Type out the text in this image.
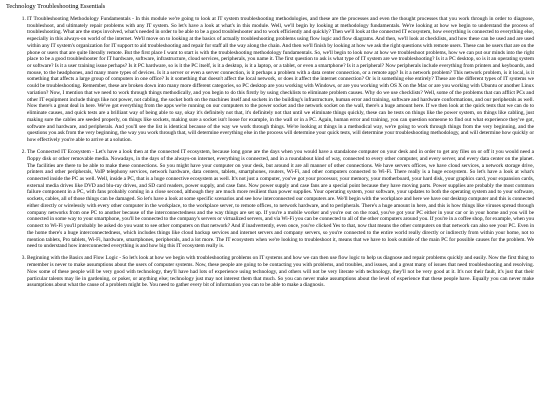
Technology Troubleshooting Essentials
1. IT Troubleshooting Methodology Fundamentals - In this module we're going to look at IT system troubleshooting methodologies, and these are the processes and even the thought processes that you work through in order to diagnose, troubleshoot, and ultimately repair problems with any IT system. So let's have a look at what's in this module. Well, we'll begin by looking at methodology fundamentals. We're looking at how we begin to understand the process of troubleshooting. What are the steps involved, what's needed in order to be able to be a good troubleshooter and to work efficiently and quickly? Then we'll look at the connected IT ecosystem, how everything is connected to everything else, especially in this always-on world of the internet. We'll move on to looking at the basics of actually troubleshooting problems using flow logic and flow diagrams. And then, we'll look at checklists, and how these can be used and are used within any IT system's organization for IT support to aid troubleshooting and repair for staff all the way along the chain. And then we'll finish by looking at how we ask the right questions with remote users. These can be users that are on the phone or users that are quite literally remote. But the first place I want to start is with the troubleshooting methodology fundamentals. So, we'll begin to look now at how we troubleshoot problems, how we can put our minds into the right place to be a good troubleshooter for IT hardware, software, infrastructure, cloud services, peripherals, you name it. The first question to ask is what type of IT system are we troubleshooting? Is it a PC desktop, so is it an operating system or software? Is it a user training issue perhaps? Is it PC hardware, so is it the PC itself, is it a desktop, is it a laptop, or a tablet, or even a smartphone? Is it a peripheral? Now peripherals include everything from printers and keyboards, and mouse, to the headphones, and many more types of devices. Is it a server or even a server connection, is it perhaps a problem with a data center connection, or a remote app? Is it a network problem? This network problem, is it local, is it something that affects a large group of computers in one office? Is it something that doesn't affect the local network, or does it affect the internet connection? Or is it something else entirely? These are the different types of IT systems we could be troubleshooting. Remember, these are broken down into many more different categories, so PC desktop are you working with Windows, or are you working with OS X on the Mac or are you working with Ubuntu or another Linux variation? Now, I mention that we need to work through things methodically, and you begin to do this firstly by using checklists to eliminate problem causes. Why do we use checklists? Well, some of the problems that can afflict PCs and other IT equipment include things like not power, not cabling, the socket both on the machines itself and sockets in the building's infrastructure, human error and training, software and hardware conformations, and our peripherals as well. Now there's a great deal in here. We've got everything from the apps we're running on our computers to the power socket and the network socket on the wall, there's a huge amount here. If we then look at the quick tests that we can do to eliminate causes, and quick tests are a brilliant way of being able to say, okay it's definitely not that, it's definitely not that until we eliminate things quickly, these can be tests on things like the power system, on things like cabling, just making sure the cables are seeded properly, on things like sockets, making sure a socket isn't loose for example, in the wall or in a PC. Again, human error and training, you can question someone to find out what experience they've got, software and hardware, and peripherals. And you'll see the list is identical because of the way we work through things. We're looking at things in a methodical way, we're going to work through things from the very beginning, and the questions you ask from the very beginning, the way you work through that, will determine everything else in the process will determine your quick tests, will determine your troubleshooting methodology, and will determine how quickly or how effectively you're able to arrive at a solution.
2. The Connected IT Ecosystem - Let's have a look then at the connected IT ecosystem, because long gone are the days when you would have a standalone computer on your desk and in order to get any files on or off it you would need a floppy disk or other removable media. Nowadays, in the days of the always-on internet, everything is connected, and in a roundabout kind of way, connected to every other computer, and every server, and every data center on the planet. The facilities are there to be able to make these connections. So you might have your computer on your desk, but around it are all manner of other connections. We have servers offices, we have cloud services, a network storage drive, printers and other peripherals, VoIP telephony services, network hardware, data centers, tablets, smartphones, routers, Wi-Fi, and other computers connected to Wi-Fi. There really is a huge ecosystem. So let's have a look at what's connected inside the PC as well. Well, inside a PC, that is a huge connective ecosystem as well. It's not just a computer, you've got your processor, your memory, your motherboard, your hard disk, your graphics card, your expansion cards, external media drives like DVD and blu-ray drives, and SD card readers, power supply, and case fans. Now power supply and case fans are a special point because they have moving parts. Power supplies are probably the most common failure component in a PC, with fans probably coming in a close second, although they are much more resilient than power supplies. Your operating system, your software, your updates to both the operating system and to your software, sockets, cables, all of those things can be damaged. So let's have a look at some specific scenarios and see how interconnected our computers are. We'll begin with the workplace and here we have our desktop computer and this is connected either directly or wirelessly with every other computer in the workplace, to the workplace server, to remote offices, to network hardware, and to peripherals. There's a huge amount in here, and this is how things like viruses spread through company networks from one PC to another because of the interconnectedness and the way things are set up. If you're a mobile worker and you're out on the road, you've got your PC either in your car or in your home and you will be connected in some way to your smartphone, you'll be connected to the company's servers or virtualized servers, and via Wi-Fi you can be connected to all of the other computers around you. If you're in a coffee shop, for example, when you connect to Wi-Fi you'll probably be asked do you want to see other computers on that network? And if inadvertently, even once, you've clicked Yes to that, now that means the other computers on that network can also see your PC. Even in the home there's a huge interconnectedness, which includes things like cloud backup services and internet servers and company servers, so you're connected to the entire world really directly or indirectly from within your home, not to mention tablets, Pro tablets, Wi-Fi, hardware, smartphones, peripherals, and a lot more. The IT ecosystem when we're looking to troubleshoot it, means that we have to look outside of the main PC for possible causes for the problem. We need to understand how interconnected everything is and how big this IT ecosystem really is.
3. Beginning with the Basics and Flow Logic - So let's look at how we begin with troubleshooting problems on IT systems and how we can then use flow logic to help us diagnose and repair problems quickly and easily. Now the first thing to remember is never to make assumptions about the users of computer systems. Now, these people are going to be contacting you with problems, and troubles, and issues, and a great many of issues that need troubleshooting and resolving. Now some of these people will be very good with technology, they'll have had lots of experience using technology, and others will not be very literate with technology, they'll not be very good at it. It's not their fault, it's just that their particular talents may lie in gardening, or poker, or anything else; technology just may not interest them that much. So you can never make assumptions about the level of experience that these people have. Equally you can never make assumptions about what the cause of a problem might be. You need to gather every bit of information you can to be able to make a diagnosis.
